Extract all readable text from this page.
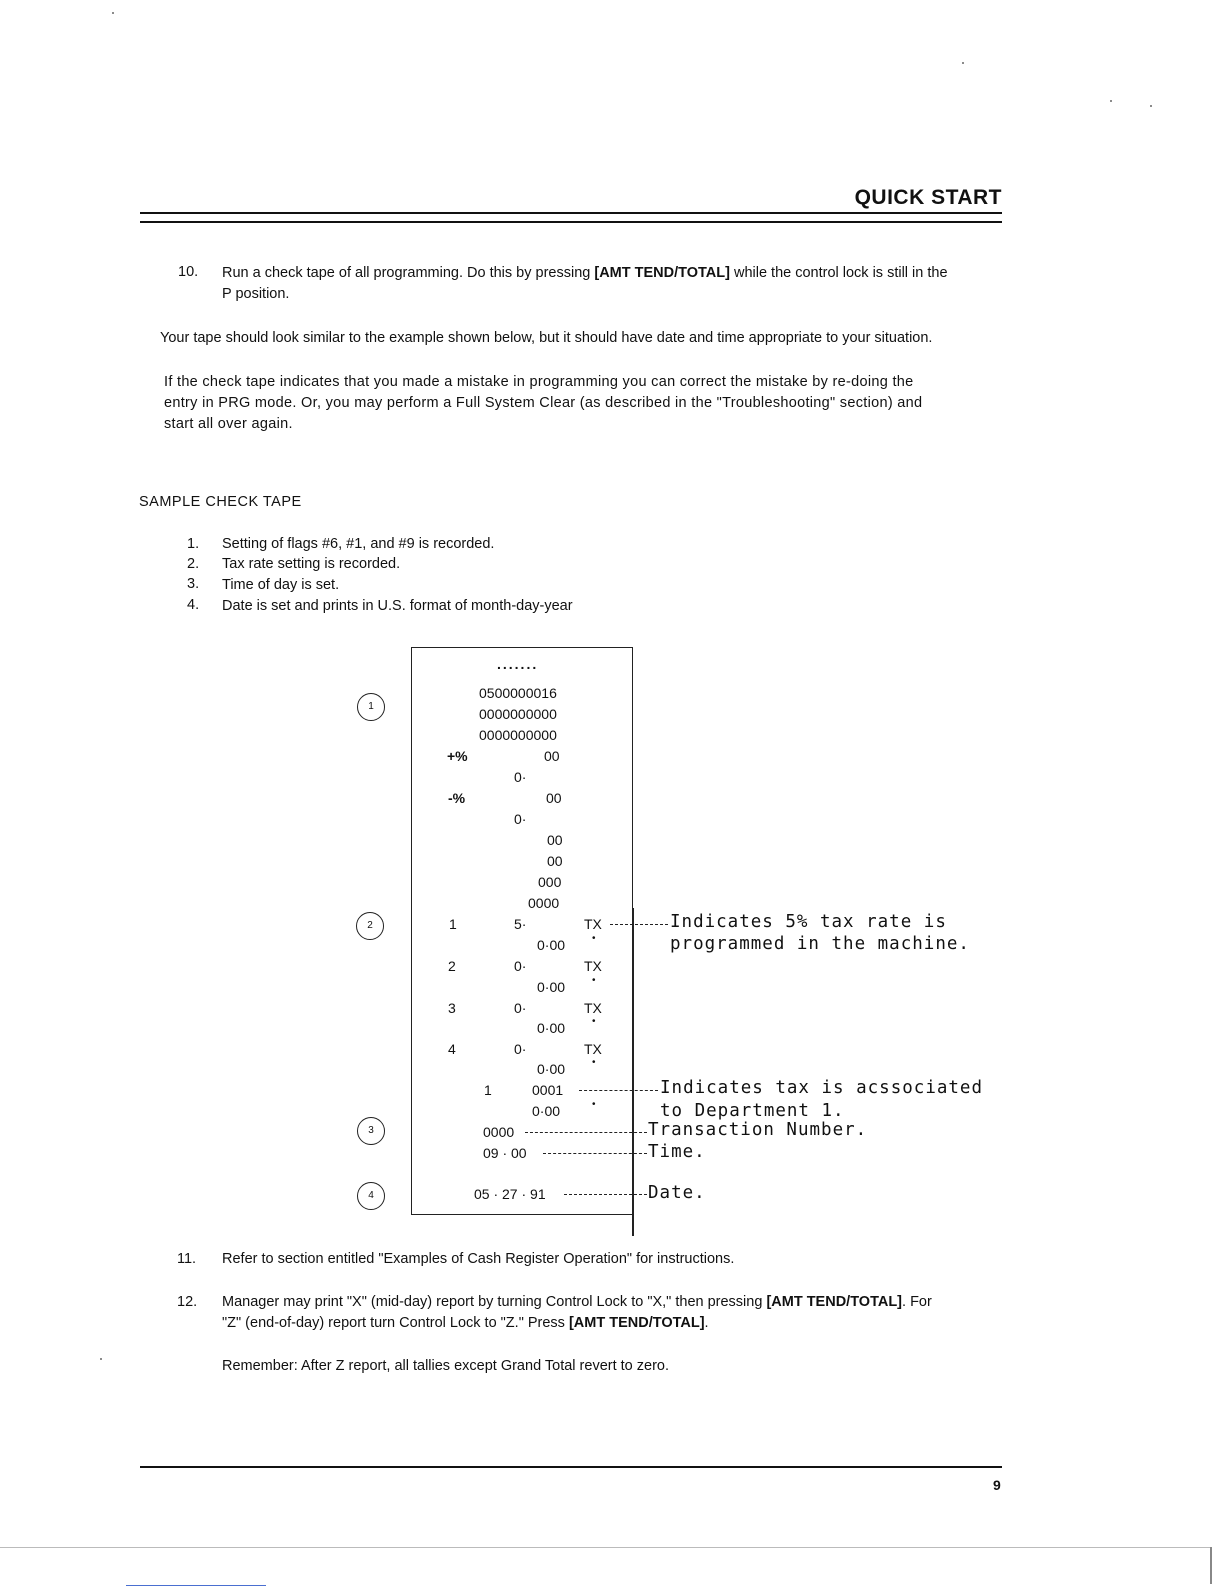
QUICK START
10. Run a check tape of all programming. Do this by pressing [AMT TEND/TOTAL] while the control lock is still in the
P position.
Your tape should look similar to the example shown below, but it should have date and time appropriate to your situation.
If the check tape indicates that you made a mistake in programming you can correct the mistake by re-doing the
entry in PRG mode. Or, you may perform a Full System Clear (as described in the "Troubleshooting" section) and
start all over again.
SAMPLE CHECK TAPE
1. Setting of flags #6, #1, and #9 is recorded.
2. Tax rate setting is recorded.
3. Time of day is set.
4. Date is set and prints in U.S. format of month-day-year
.......
0500000016
0000000000
0000000000
+%	00
0·
-%	00
0·
00
00
000
0000
1	5·	TX
0·00	•
2	0·	TX
0·00	•
3	0·	TX
0·00	•
4	0·	TX
0·00	•
1	0001
0·00	•
0000
09 · 00
05 · 27 · 91
1
2
3
4
Indicates 5% tax rate is
programmed in the machine.
Indicates tax is acssociated
to Department 1.
Transaction Number.
Time.
Date.
11. Refer to section entitled "Examples of Cash Register Operation" for instructions.
12. Manager may print "X" (mid-day) report by turning Control Lock to "X," then pressing [AMT TEND/TOTAL]. For
"Z" (end-of-day) report turn Control Lock to "Z." Press [AMT TEND/TOTAL].
Remember: After Z report, all tallies except Grand Total revert to zero.
9
